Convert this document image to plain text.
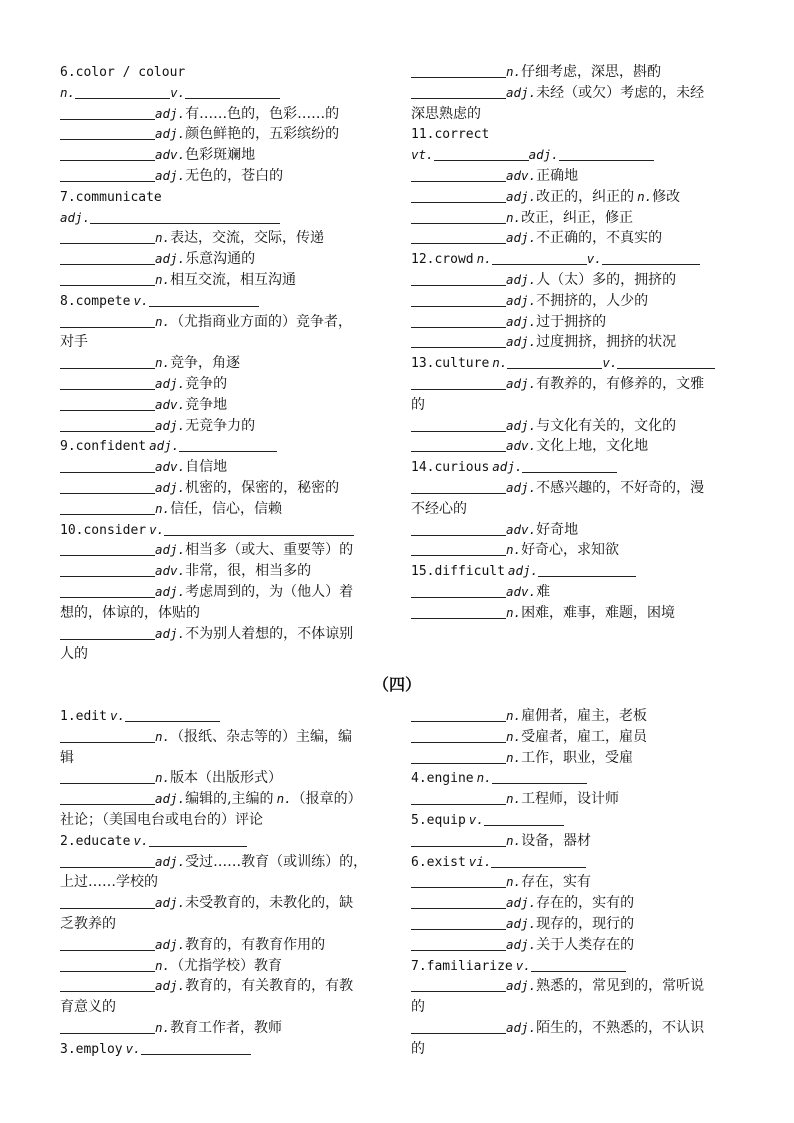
（四）
6.color / colour
n.	v.
adj.有……色的，色彩……的
adj.颜色鲜艳的，五彩缤纷的
adv.色彩斑斓地
adj.无色的，苍白的
7.communicate
adj.
n.表达，交流，交际，传递
adj.乐意沟通的
n.相互交流，相互沟通
8.compete v.
n.（尤指商业方面的）竞争者，
对手
n.竞争，角逐
adj.竞争的
adv.竞争地
adj.无竞争力的
9.confident adj.
adv.自信地
adj.机密的，保密的，秘密的
n.信任，信心，信赖
10.consider v.
adj.相当多（或大、重要等）的
adv.非常，很，相当多的
adj.考虑周到的，为（他人）着
想的，体谅的，体贴的
adj.不为别人着想的，不体谅别
人的
n.仔细考虑，深思，斟酌
adj.未经（或欠）考虑的，未经
深思熟虑的
11.correct
vt.	adj.
adv.正确地
adj.改正的，纠正的 n.修改
n.改正，纠正，修正
adj.不正确的，不真实的
12.crowd n.	v.
adj.人（太）多的，拥挤的
adj.不拥挤的，人少的
adj.过于拥挤的
adj.过度拥挤，拥挤的状况
13.culture n.	v.
adj.有教养的，有修养的，文雅
的
adj.与文化有关的，文化的
adv.文化上地，文化地
14.curious adj.
adj.不感兴趣的，不好奇的，漫
不经心的
adv.好奇地
n.好奇心，求知欲
15.difficult adj.
adv.难
n.困难，难事，难题，困境
1.edit v.
n.（报纸、杂志等的）主编，编
辑
n.版本（出版形式）
adj.编辑的,主编的 n.（报章的）
社论；（美国电台或电台的）评论
2.educate v.
adj.受过……教育（或训练）的，
上过……学校的
adj.未受教育的，未教化的，缺
乏教养的
adj.教育的，有教育作用的
n.（尤指学校）教育
adj.教育的，有关教育的，有教
育意义的
n.教育工作者，教师
3.employ v.
n.雇佣者，雇主，老板
n.受雇者，雇工，雇员
n.工作，职业，受雇
4.engine n.
n.工程师，设计师
5.equip v.
n.设备，器材
6.exist vi.
n.存在，实有
adj.存在的，实有的
adj.现存的，现行的
adj.关于人类存在的
7.familiarize v.
adj.熟悉的，常见到的，常听说
的
adj.陌生的，不熟悉的，不认识
的
